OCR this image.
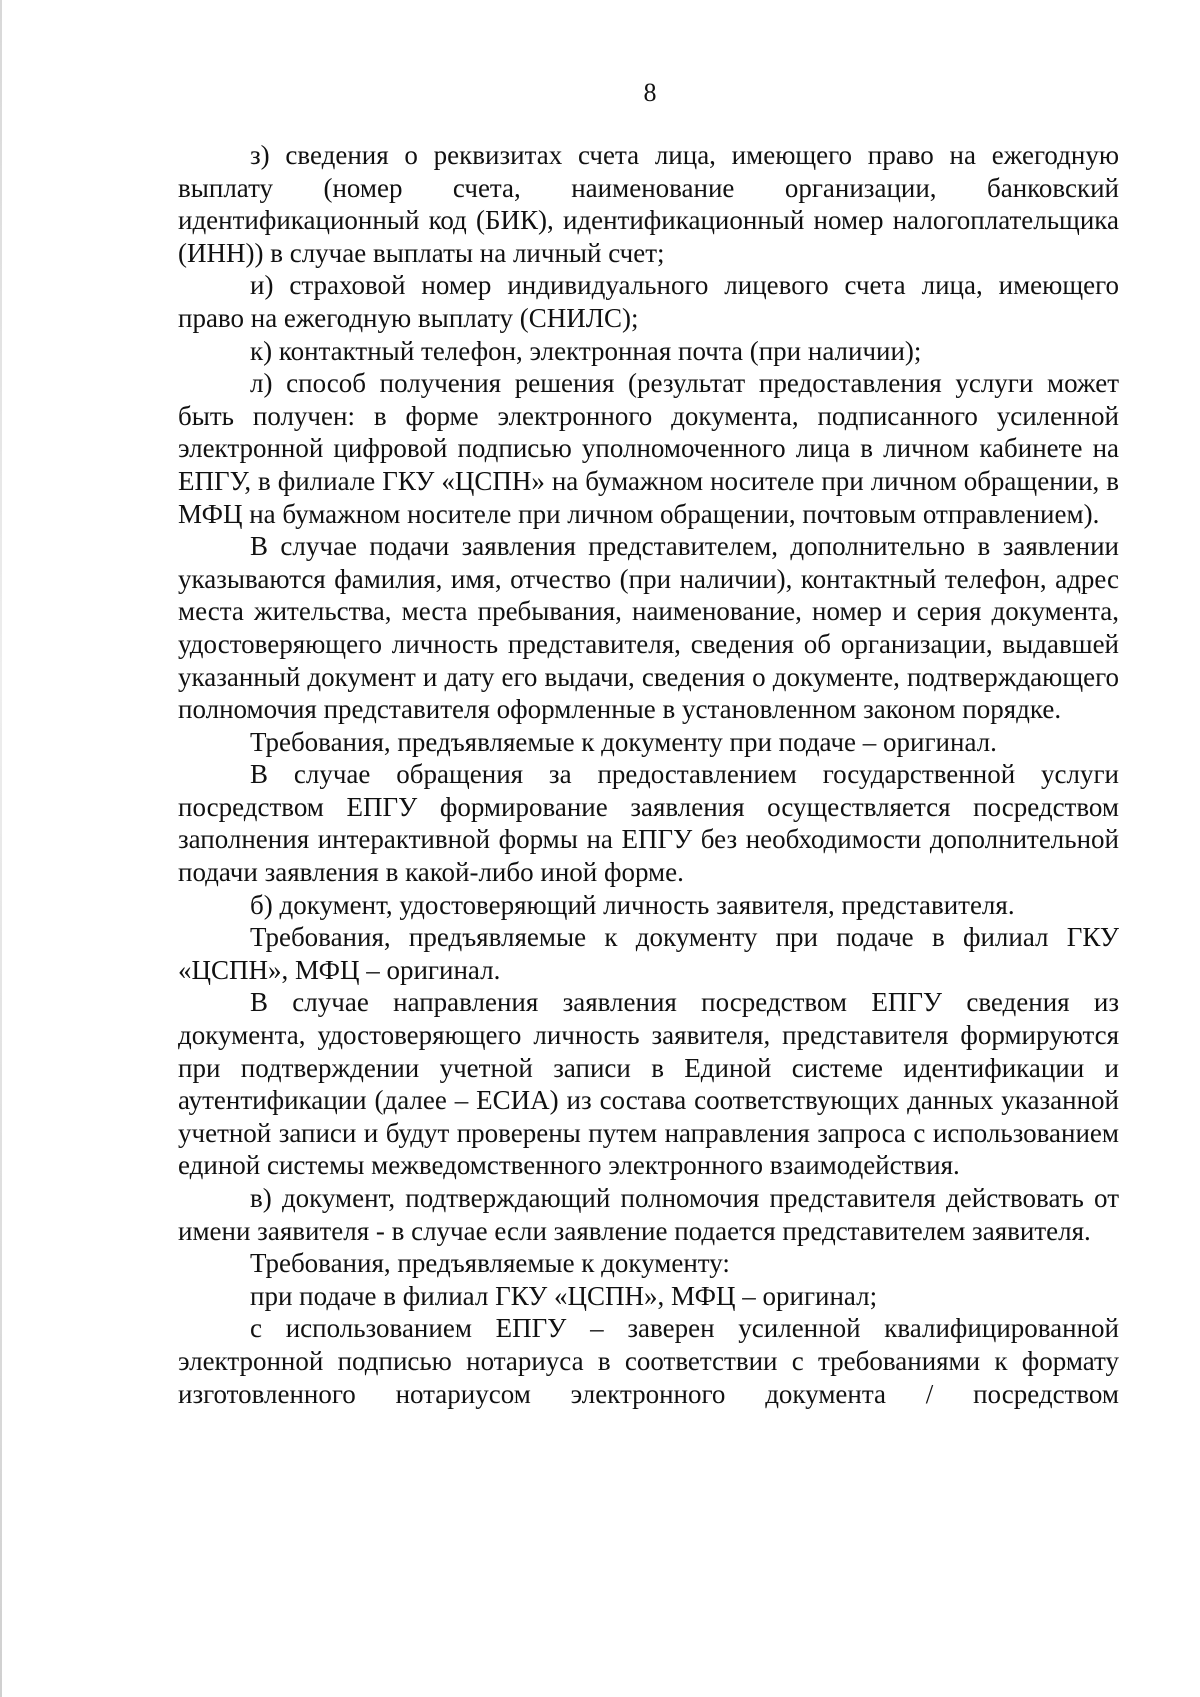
8

з) сведения о реквизитах счета лица, имеющего право на ежегодную выплату (номер счета, наименование организации, банковский идентификационный код (БИК), идентификационный номер налогоплательщика (ИНН)) в случае выплаты на личный счет;

и) страховой номер индивидуального лицевого счета лица, имеющего право на ежегодную выплату (СНИЛС);

к) контактный телефон, электронная почта (при наличии);

л) способ получения решения (результат предоставления услуги может быть получен: в форме электронного документа, подписанного усиленной электронной цифровой подписью уполномоченного лица в личном кабинете на ЕПГУ, в филиале ГКУ «ЦСПН» на бумажном носителе при личном обращении, в МФЦ на бумажном носителе при личном обращении, почтовым отправлением).

В случае подачи заявления представителем, дополнительно в заявлении указываются фамилия, имя, отчество (при наличии), контактный телефон, адрес места жительства, места пребывания, наименование, номер и серия документа, удостоверяющего личность представителя, сведения об организации, выдавшей указанный документ и дату его выдачи, сведения о документе, подтверждающего полномочия представителя оформленные в установленном законом порядке.

Требования, предъявляемые к документу при подаче – оригинал.

В случае обращения за предоставлением государственной услуги посредством ЕПГУ формирование заявления осуществляется посредством заполнения интерактивной формы на ЕПГУ без необходимости дополнительной подачи заявления в какой-либо иной форме.

б) документ, удостоверяющий личность заявителя, представителя.

Требования, предъявляемые к документу при подаче в филиал ГКУ «ЦСПН», МФЦ – оригинал.

В случае направления заявления посредством ЕПГУ сведения из документа, удостоверяющего личность заявителя, представителя формируются при подтверждении учетной записи в Единой системе идентификации и аутентификации (далее – ЕСИА) из состава соответствующих данных указанной учетной записи и будут проверены путем направления запроса с использованием единой системы межведомственного электронного взаимодействия.

в) документ, подтверждающий полномочия представителя действовать от имени заявителя - в случае если заявление подается представителем заявителя.

Требования, предъявляемые к документу:

при подаче в филиал ГКУ «ЦСПН», МФЦ – оригинал;

с использованием ЕПГУ – заверен усиленной квалифицированной электронной подписью нотариуса в соответствии с требованиями к формату изготовленного нотариусом электронного документа / посредством
